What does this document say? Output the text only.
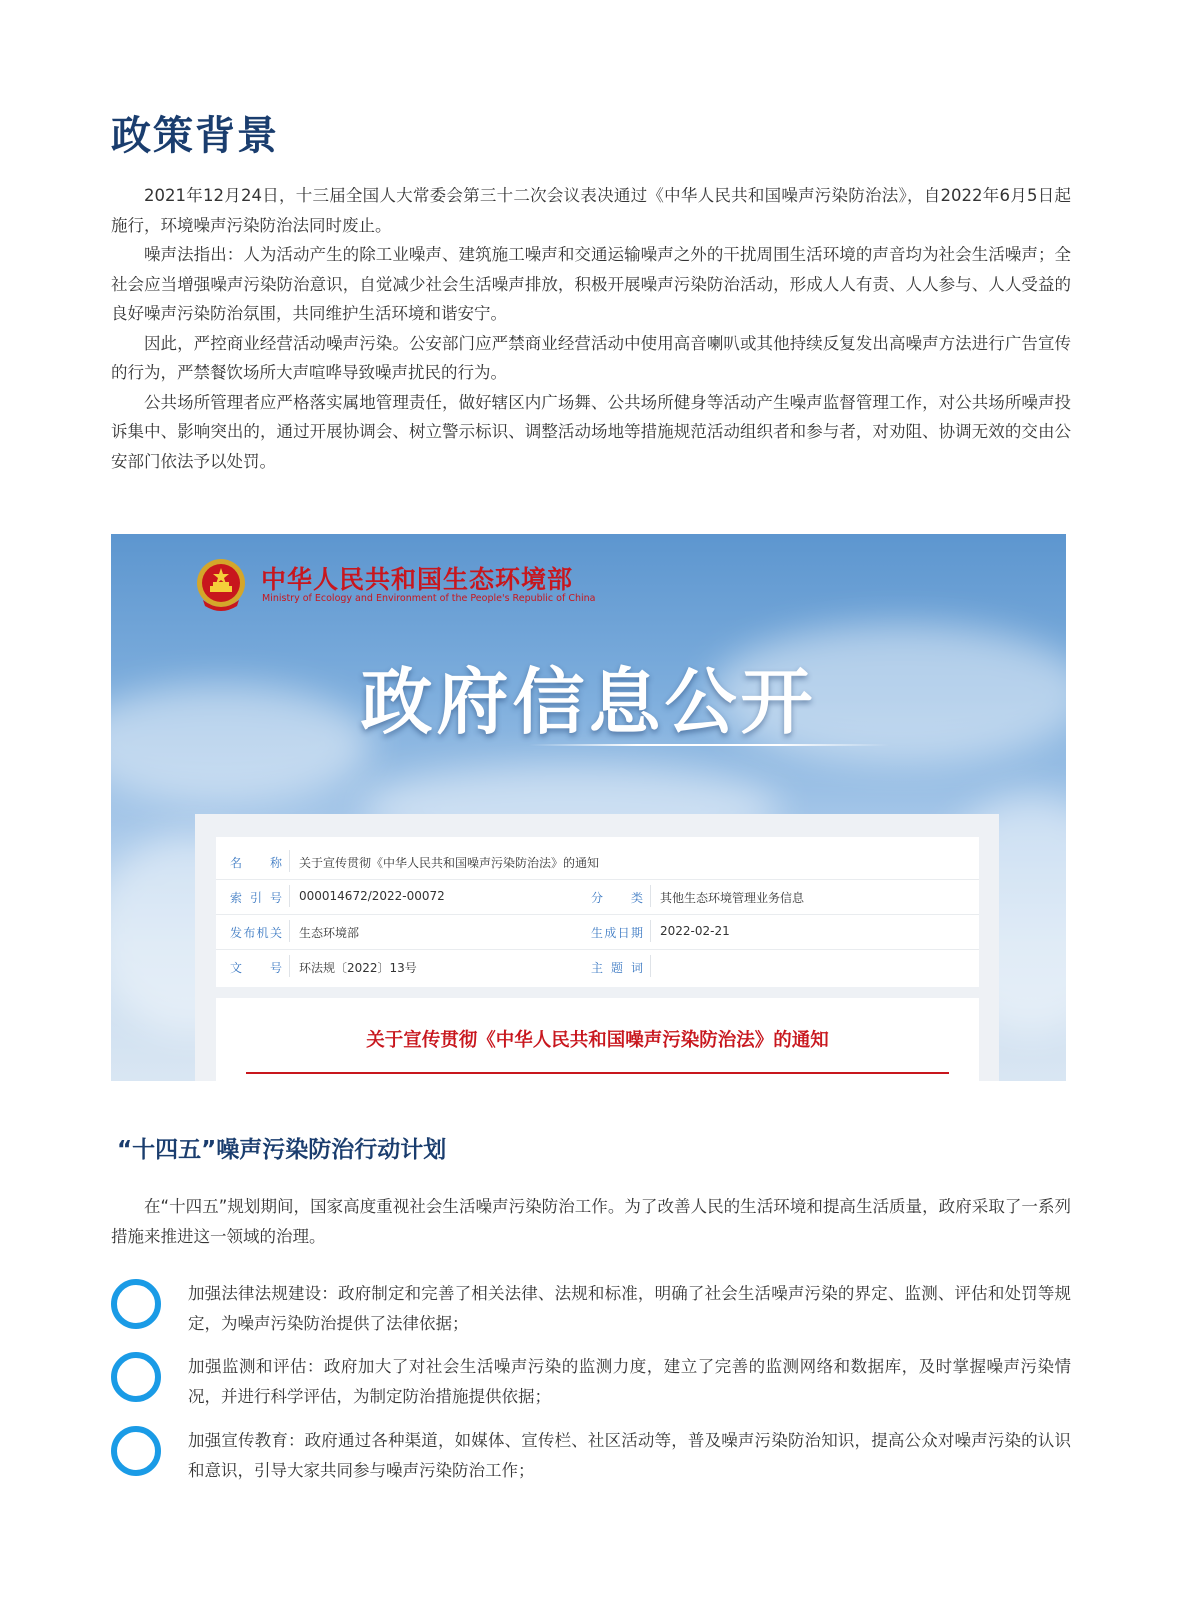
政策背景

2021年12月24日，十三届全国人大常委会第三十二次会议表决通过《中华人民共和国噪声污染防治法》，自2022年6月5日起施行，环境噪声污染防治法同时废止。

噪声法指出：人为活动产生的除工业噪声、建筑施工噪声和交通运输噪声之外的干扰周围生活环境的声音均为社会生活噪声；全社会应当增强噪声污染防治意识，自觉减少社会生活噪声排放，积极开展噪声污染防治活动，形成人人有责、人人参与、人人受益的良好噪声污染防治氛围，共同维护生活环境和谐安宁。

因此，严控商业经营活动噪声污染。公安部门应严禁商业经营活动中使用高音喇叭或其他持续反复发出高噪声方法进行广告宣传的行为，严禁餐饮场所大声喧哗导致噪声扰民的行为。

公共场所管理者应严格落实属地管理责任，做好辖区内广场舞、公共场所健身等活动产生噪声监督管理工作，对公共场所噪声投诉集中、影响突出的，通过开展协调会、树立警示标识、调整活动场地等措施规范活动组织者和参与者，对劝阻、协调无效的交由公安部门依法予以处罚。

中华人民共和国生态环境部
Ministry of Ecology and Environment of the People's Republic of China
政府信息公开
名　称 关于宣传贯彻《中华人民共和国噪声污染防治法》的通知
索引号 000014672/2022-00072	分　类 其他生态环境管理业务信息
发布机关 生态环境部	生成日期 2022-02-21
文　号 环法规〔2022〕13号	主题词
关于宣传贯彻《中华人民共和国噪声污染防治法》的通知
“十四五”噪声污染防治行动计划

在“十四五”规划期间，国家高度重视社会生活噪声污染防治工作。为了改善人民的生活环境和提高生活质量，政府采取了一系列措施来推进这一领域的治理。

加强法律法规建设：政府制定和完善了相关法律、法规和标准，明确了社会生活噪声污染的界定、监测、评估和处罚等规定，为噪声污染防治提供了法律依据；
加强监测和评估：政府加大了对社会生活噪声污染的监测力度，建立了完善的监测网络和数据库，及时掌握噪声污染情况，并进行科学评估，为制定防治措施提供依据；
加强宣传教育：政府通过各种渠道，如媒体、宣传栏、社区活动等，普及噪声污染防治知识，提高公众对噪声污染的认识和意识，引导大家共同参与噪声污染防治工作；
